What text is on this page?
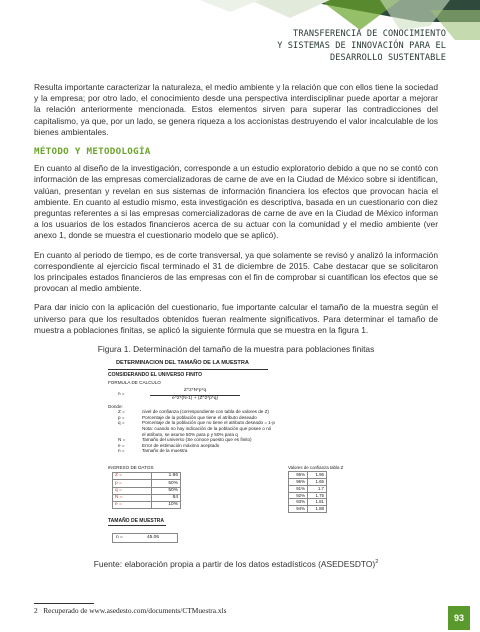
TRANSFERENCIA DE CONOCIMIENTO
Y SISTEMAS DE INNOVACIÓN PARA EL
DESARROLLO SUSTENTABLE

Resulta importante caracterizar la naturaleza, el medio ambiente y la relación que con ellos tiene la sociedad y la empresa; por otro lado, el conocimiento desde una perspectiva interdisciplinar puede aportar a mejorar la relación anteriormente mencionada. Estos elementos sirven para superar las contradicciones del capitalismo, ya que, por un lado, se genera riqueza a los accionistas destruyendo el valor incalculable de los bienes ambientales.

MÉTODO Y METODOLOGÍA

En cuanto al diseño de la investigación, corresponde a un estudio exploratorio debido a que no se contó con información de las empresas comercializadoras de carne de ave en la Ciudad de México sobre si identifican, valúan, presentan y revelan en sus sistemas de información financiera los efectos que provocan hacia el ambiente. En cuanto al estudio mismo, esta investigación es descriptiva, basada en un cuestionario con diez preguntas referentes a si las empresas comercializadoras de carne de ave en la Ciudad de México informan a los usuarios de los estados financieros acerca de su actuar con la comunidad y el medio ambiente (ver anexo 1, donde se muestra el cuestionario modelo que se aplicó).

En cuanto al periodo de tiempo, es de corte transversal, ya que solamente se revisó y analizó la información correspondiente al ejercicio fiscal terminado el 31 de diciembre de 2015. Cabe destacar que se solicitaron los principales estados financieros de las empresas con el fin de comprobar si cuantifican los efectos que se provocan al medio ambiente.

Para dar inicio con la aplicación del cuestionario, fue importante calcular el tamaño de la muestra según el universo para que los resultados obtenidos fueran realmente significativos. Para determinar el tamaño de muestra a poblaciones finitas, se aplicó la siguiente fórmula que se muestra en la figura 1.

Figura 1. Determinación del tamaño de la muestra para poblaciones finitas
DETERMINACION DEL TAMAÑO DE LA MUESTRA
CONSIDERANDO EL UNIVERSO FINITO
FORMULA DE CALCULO
n =
Z^2*N*p*q
e^2*(N-1) + (Z^2*p*q)
Donde:
Z =	nivel de confianza (correspondiente con tabla de valores de Z)
p =	Porcentaje de la población que tiene el atributo deseado
q =	Porcentaje de la población que no tiene el atributo deseado = 1-p
Nota: cuando no hay indicación de la población que posee o nó
el atributo, se asume 50% para p y 50% para q
N =	Tamaño del universo (Se conoce puesto que es finito)
e =	Error de estimación máximo aceptado
n =	Tamaño de la muestra
INGRESO DE DATOS
Z =	1.96
p =	50%
q =	50%
N =	84
e =	10%
Valores de confianza tabla Z
95%	1.96
96%	1.65
91%	1.7
92%	1.75
93%	1.81
94%	1.88
TAMAÑO DE MUESTRA
n =	45.06
Fuente: elaboración propia a partir de los datos estadísticos (ASEDESDTO)$^2$
2 Recuperado de www.asedesto.com/documents/CTMuestra.xls
93
